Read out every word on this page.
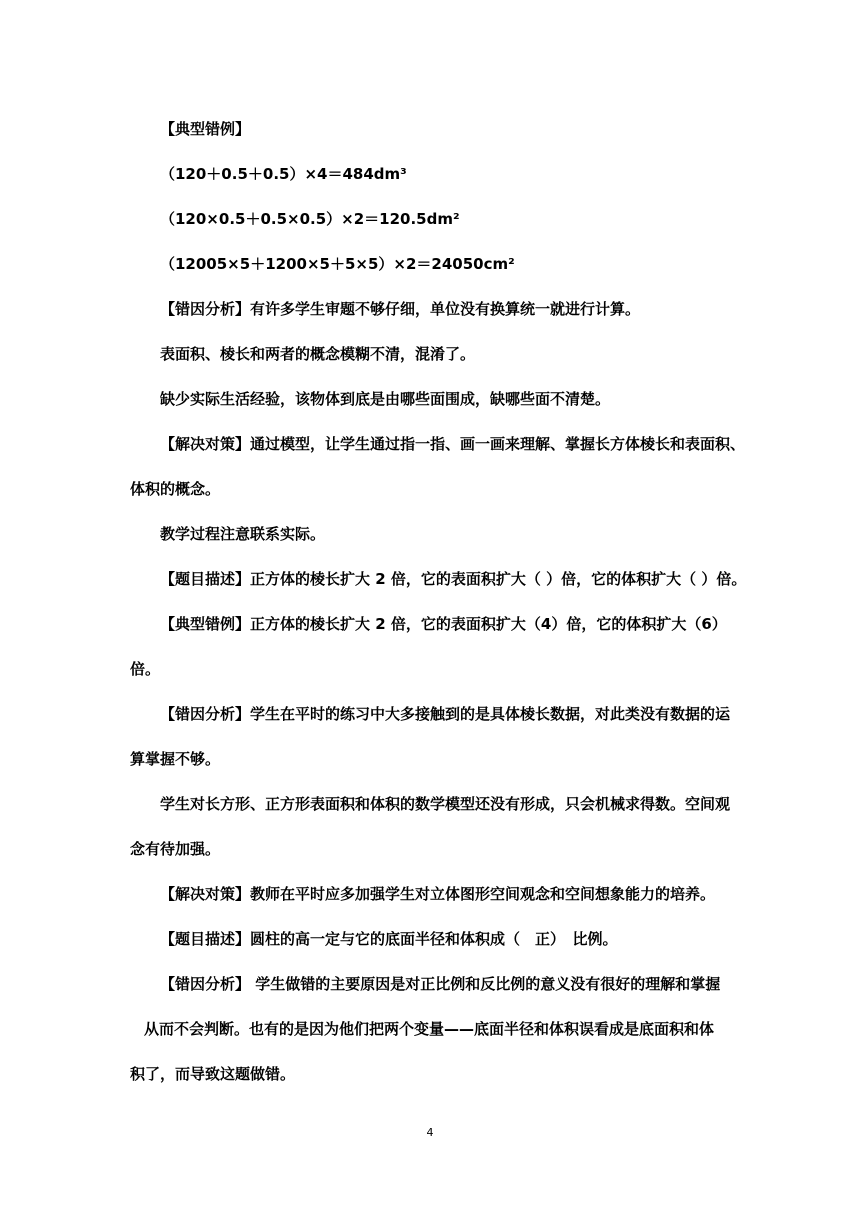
【典型错例】

（120＋0.5＋0.5）×4＝484dm³

（120×0.5＋0.5×0.5）×2＝120.5dm²

（12005×5＋1200×5＋5×5）×2＝24050cm²

【错因分析】有许多学生审题不够仔细，单位没有换算统一就进行计算。

表面积、棱长和两者的概念模糊不清，混淆了。

缺少实际生活经验，该物体到底是由哪些面围成，缺哪些面不清楚。

【解决对策】通过模型，让学生通过指一指、画一画来理解、掌握长方体棱长和表面积、

体积的概念。

教学过程注意联系实际。

【题目描述】正方体的棱长扩大 2 倍，它的表面积扩大（ ）倍，它的体积扩大（ ）倍。

【典型错例】正方体的棱长扩大 2 倍，它的表面积扩大（4）倍，它的体积扩大（6）

倍。

【错因分析】学生在平时的练习中大多接触到的是具体棱长数据，对此类没有数据的运

算掌握不够。

学生对长方形、正方形表面积和体积的数学模型还没有形成，只会机械求得数。空间观

念有待加强。

【解决对策】教师在平时应多加强学生对立体图形空间观念和空间想象能力的培养。

【题目描述】圆柱的高一定与它的底面半径和体积成（　正）　比例。

【错因分析】 学生做错的主要原因是对正比例和反比例的意义没有很好的理解和掌握

从而不会判断。也有的是因为他们把两个变量——底面半径和体积误看成是底面积和体

积了，而导致这题做错。

4
